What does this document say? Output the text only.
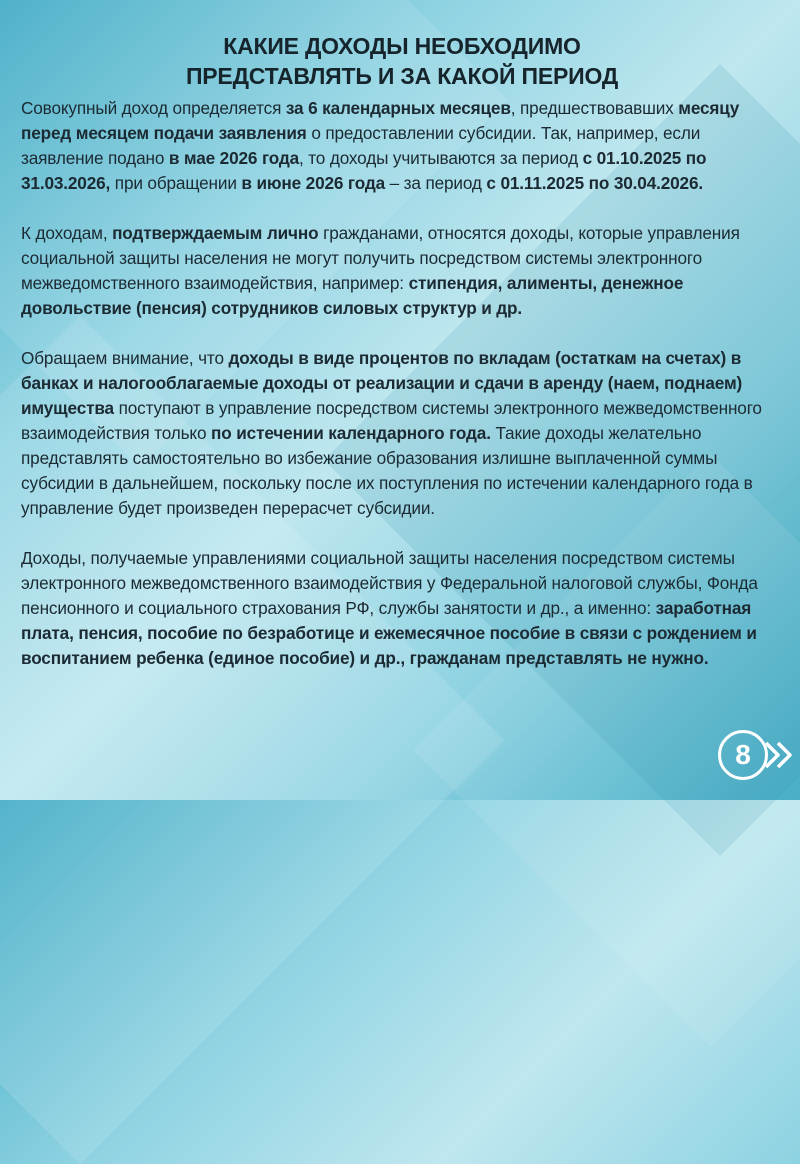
КАКИЕ ДОХОДЫ НЕОБХОДИМО
ПРЕДСТАВЛЯТЬ И ЗА КАКОЙ ПЕРИОД

Совокупный доход определяется за 6 календарных месяцев, предшествовавших месяцу перед месяцем подачи заявления о предоставлении субсидии. Так, например, если заявление подано в мае 2026 года, то доходы учитываются за период с 01.10.2025 по 31.03.2026, при обращении в июне 2026 года – за период с 01.11.2025 по 30.04.2026.

К доходам, подтверждаемым лично гражданами, относятся доходы, которые управления социальной защиты населения не могут получить посредством системы электронного межведомственного взаимодействия, например: стипендия, алименты, денежное довольствие (пенсия) сотрудников силовых структур и др.

Обращаем внимание, что доходы в виде процентов по вкладам (остаткам на счетах) в банках и налогооблагаемые доходы от реализации и сдачи в аренду (наем, поднаем) имущества поступают в управление посредством системы электронного межведомственного взаимодействия только по истечении календарного года. Такие доходы желательно представлять самостоятельно во избежание образования излишне выплаченной суммы субсидии в дальнейшем, поскольку после их поступления по истечении календарного года в управление будет произведен перерасчет субсидии.

Доходы, получаемые управлениями социальной защиты населения посредством системы электронного межведомственного взаимодействия у Федеральной налоговой службы, Фонда пенсионного и социального страхования РФ, службы занятости и др., а именно: заработная плата, пенсия, пособие по безработице и ежемесячное пособие в связи с рождением и воспитанием ребенка (единое пособие) и др., гражданам представлять не нужно.

8
